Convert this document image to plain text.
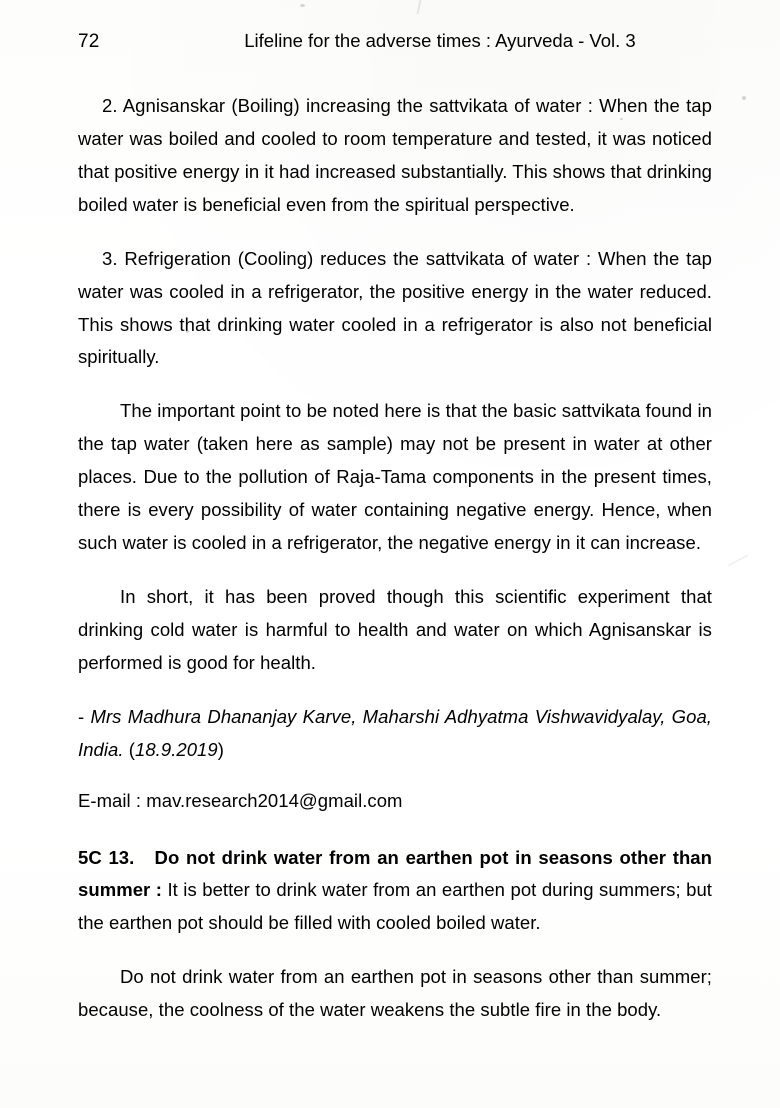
72	Lifeline for the adverse times : Ayurveda - Vol. 3

2. Agnisanskar (Boiling) increasing the sattvikata of water : When the tap water was boiled and cooled to room temperature and tested, it was noticed that positive energy in it had increased substantially. This shows that drinking boiled water is beneficial even from the spiritual perspective.

3. Refrigeration (Cooling) reduces the sattvikata of water : When the tap water was cooled in a refrigerator, the positive energy in the water reduced. This shows that drinking water cooled in a refrigerator is also not beneficial spiritually.

The important point to be noted here is that the basic sattvikata found in the tap water (taken here as sample) may not be present in water at other places. Due to the pollution of Raja-Tama components in the present times, there is every possibility of water containing negative energy. Hence, when such water is cooled in a refrigerator, the negative energy in it can increase.

In short, it has been proved though this scientific experiment that drinking cold water is harmful to health and water on which Agnisanskar is performed is good for health.

- Mrs Madhura Dhananjay Karve, Maharshi Adhyatma Vishwavidyalay, Goa, India. (18.9.2019)

E-mail : mav.research2014@gmail.com

5C 13. Do not drink water from an earthen pot in seasons other than summer : It is better to drink water from an earthen pot during summers; but the earthen pot should be filled with cooled boiled water.

Do not drink water from an earthen pot in seasons other than summer; because, the coolness of the water weakens the subtle fire in the body.
